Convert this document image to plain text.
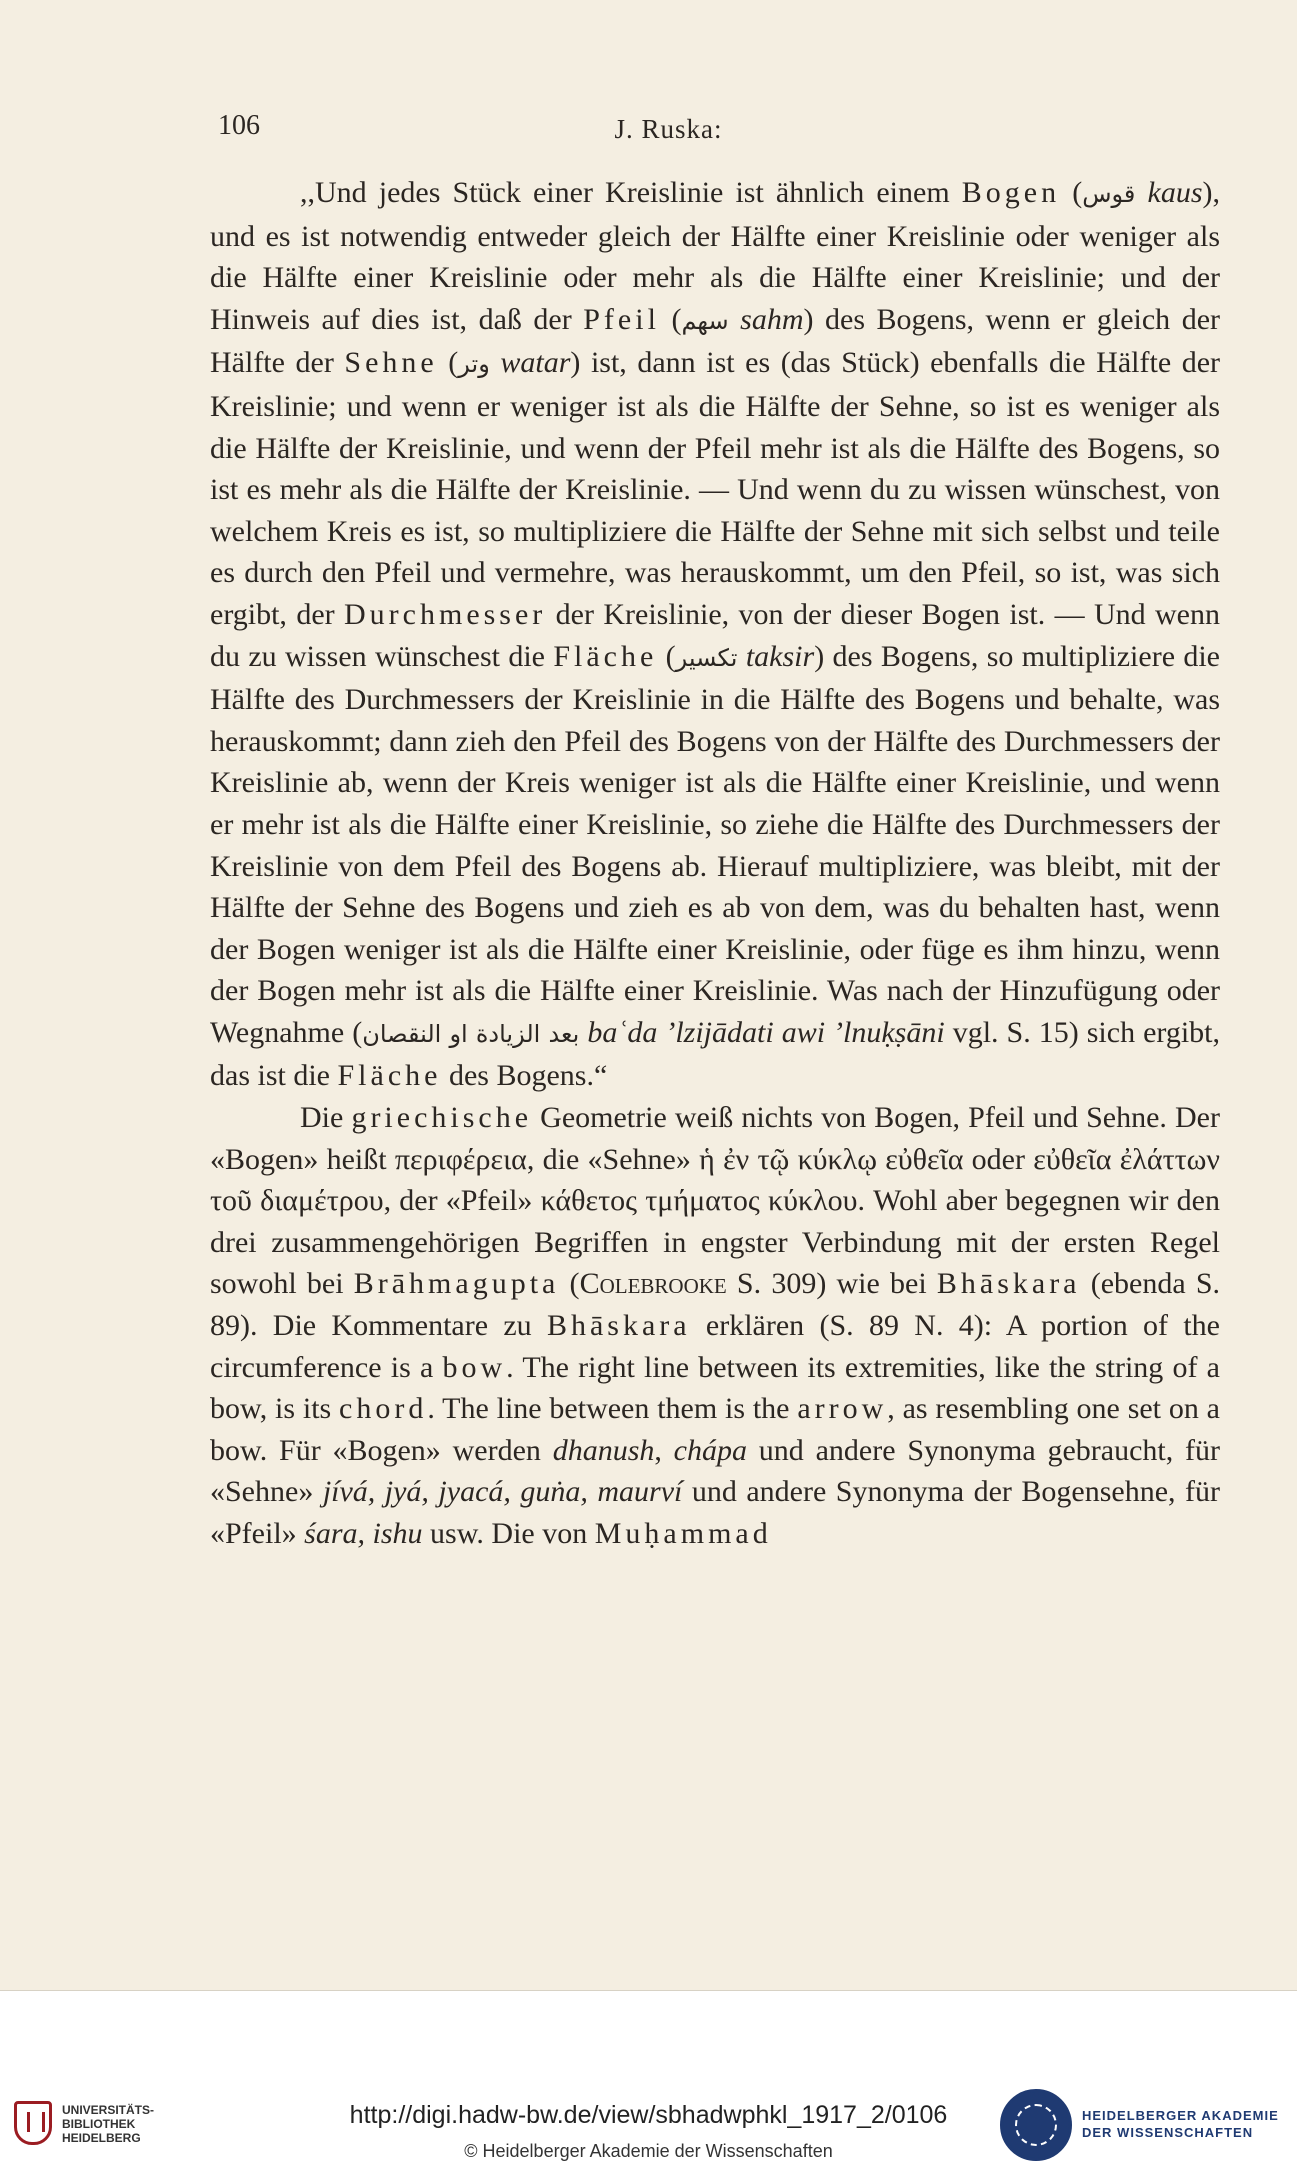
106	J. Ruska:

,,Und jedes Stück einer Kreislinie ist ähnlich einem Bogen (قوس kaus), und es ist notwendig entweder gleich der Hälfte einer Kreislinie oder weniger als die Hälfte einer Kreislinie oder mehr als die Hälfte einer Kreislinie; und der Hinweis auf dies ist, daß der Pfeil (سهم sahm) des Bogens, wenn er gleich der Hälfte der Sehne (وتر watar) ist, dann ist es (das Stück) ebenfalls die Hälfte der Kreislinie; und wenn er weniger ist als die Hälfte der Sehne, so ist es weniger als die Hälfte der Kreislinie, und wenn der Pfeil mehr ist als die Hälfte des Bogens, so ist es mehr als die Hälfte der Kreislinie. — Und wenn du zu wissen wünschest, von welchem Kreis es ist, so multipliziere die Hälfte der Sehne mit sich selbst und teile es durch den Pfeil und vermehre, was herauskommt, um den Pfeil, so ist, was sich ergibt, der Durchmesser der Kreislinie, von der dieser Bogen ist. — Und wenn du zu wissen wünschest die Fläche (تكسير taksir) des Bogens, so multipliziere die Hälfte des Durchmessers der Kreislinie in die Hälfte des Bogens und behalte, was herauskommt; dann zieh den Pfeil des Bogens von der Hälfte des Durchmessers der Kreislinie ab, wenn der Kreis weniger ist als die Hälfte einer Kreislinie, und wenn er mehr ist als die Hälfte einer Kreislinie, so ziehe die Hälfte des Durchmessers der Kreislinie von dem Pfeil des Bogens ab. Hierauf multipliziere, was bleibt, mit der Hälfte der Sehne des Bogens und zieh es ab von dem, was du behalten hast, wenn der Bogen weniger ist als die Hälfte einer Kreislinie, oder füge es ihm hinzu, wenn der Bogen mehr ist als die Hälfte einer Kreislinie. Was nach der Hinzufügung oder Wegnahme (بعد الزيادة او النقصان baʿda ’lzijādati awi ’lnuḳṣāni vgl. S. 15) sich ergibt, das ist die Fläche des Bogens.“

Die griechische Geometrie weiß nichts von Bogen, Pfeil und Sehne. Der «Bogen» heißt περιφέρεια, die «Sehne» ἡ ἐν τῷ κύκλῳ εὐθεῖα oder εὐθεῖα ἐλάττων τοῦ διαμέτρου, der «Pfeil» κάθετος τμήματος κύκλου. Wohl aber begegnen wir den drei zusammengehörigen Begriffen in engster Verbindung mit der ersten Regel sowohl bei Brāhmagupta (Colebrooke S. 309) wie bei Bhāskara (ebenda S. 89). Die Kommentare zu Bhāskara erklären (S. 89 N. 4): A portion of the circumference is a bow. The right line between its extremities, like the string of a bow, is its chord. The line between them is the arrow, as resembling one set on a bow. Für «Bogen» werden dhanush, chápa und andere Synonyma gebraucht, für «Sehne» jívá, jyá, jyacá, guṅa, maurví und andere Synonyma der Bogensehne, für «Pfeil» śara, ishu usw. Die von Muḥammad

UNIVERSITÄTS-
BIBLIOTHEK
HEIDELBERG
http://digi.hadw-bw.de/view/sbhadwphkl_1917_2/0106
© Heidelberger Akademie der Wissenschaften
HEIDELBERGER AKADEMIE
DER WISSENSCHAFTEN
